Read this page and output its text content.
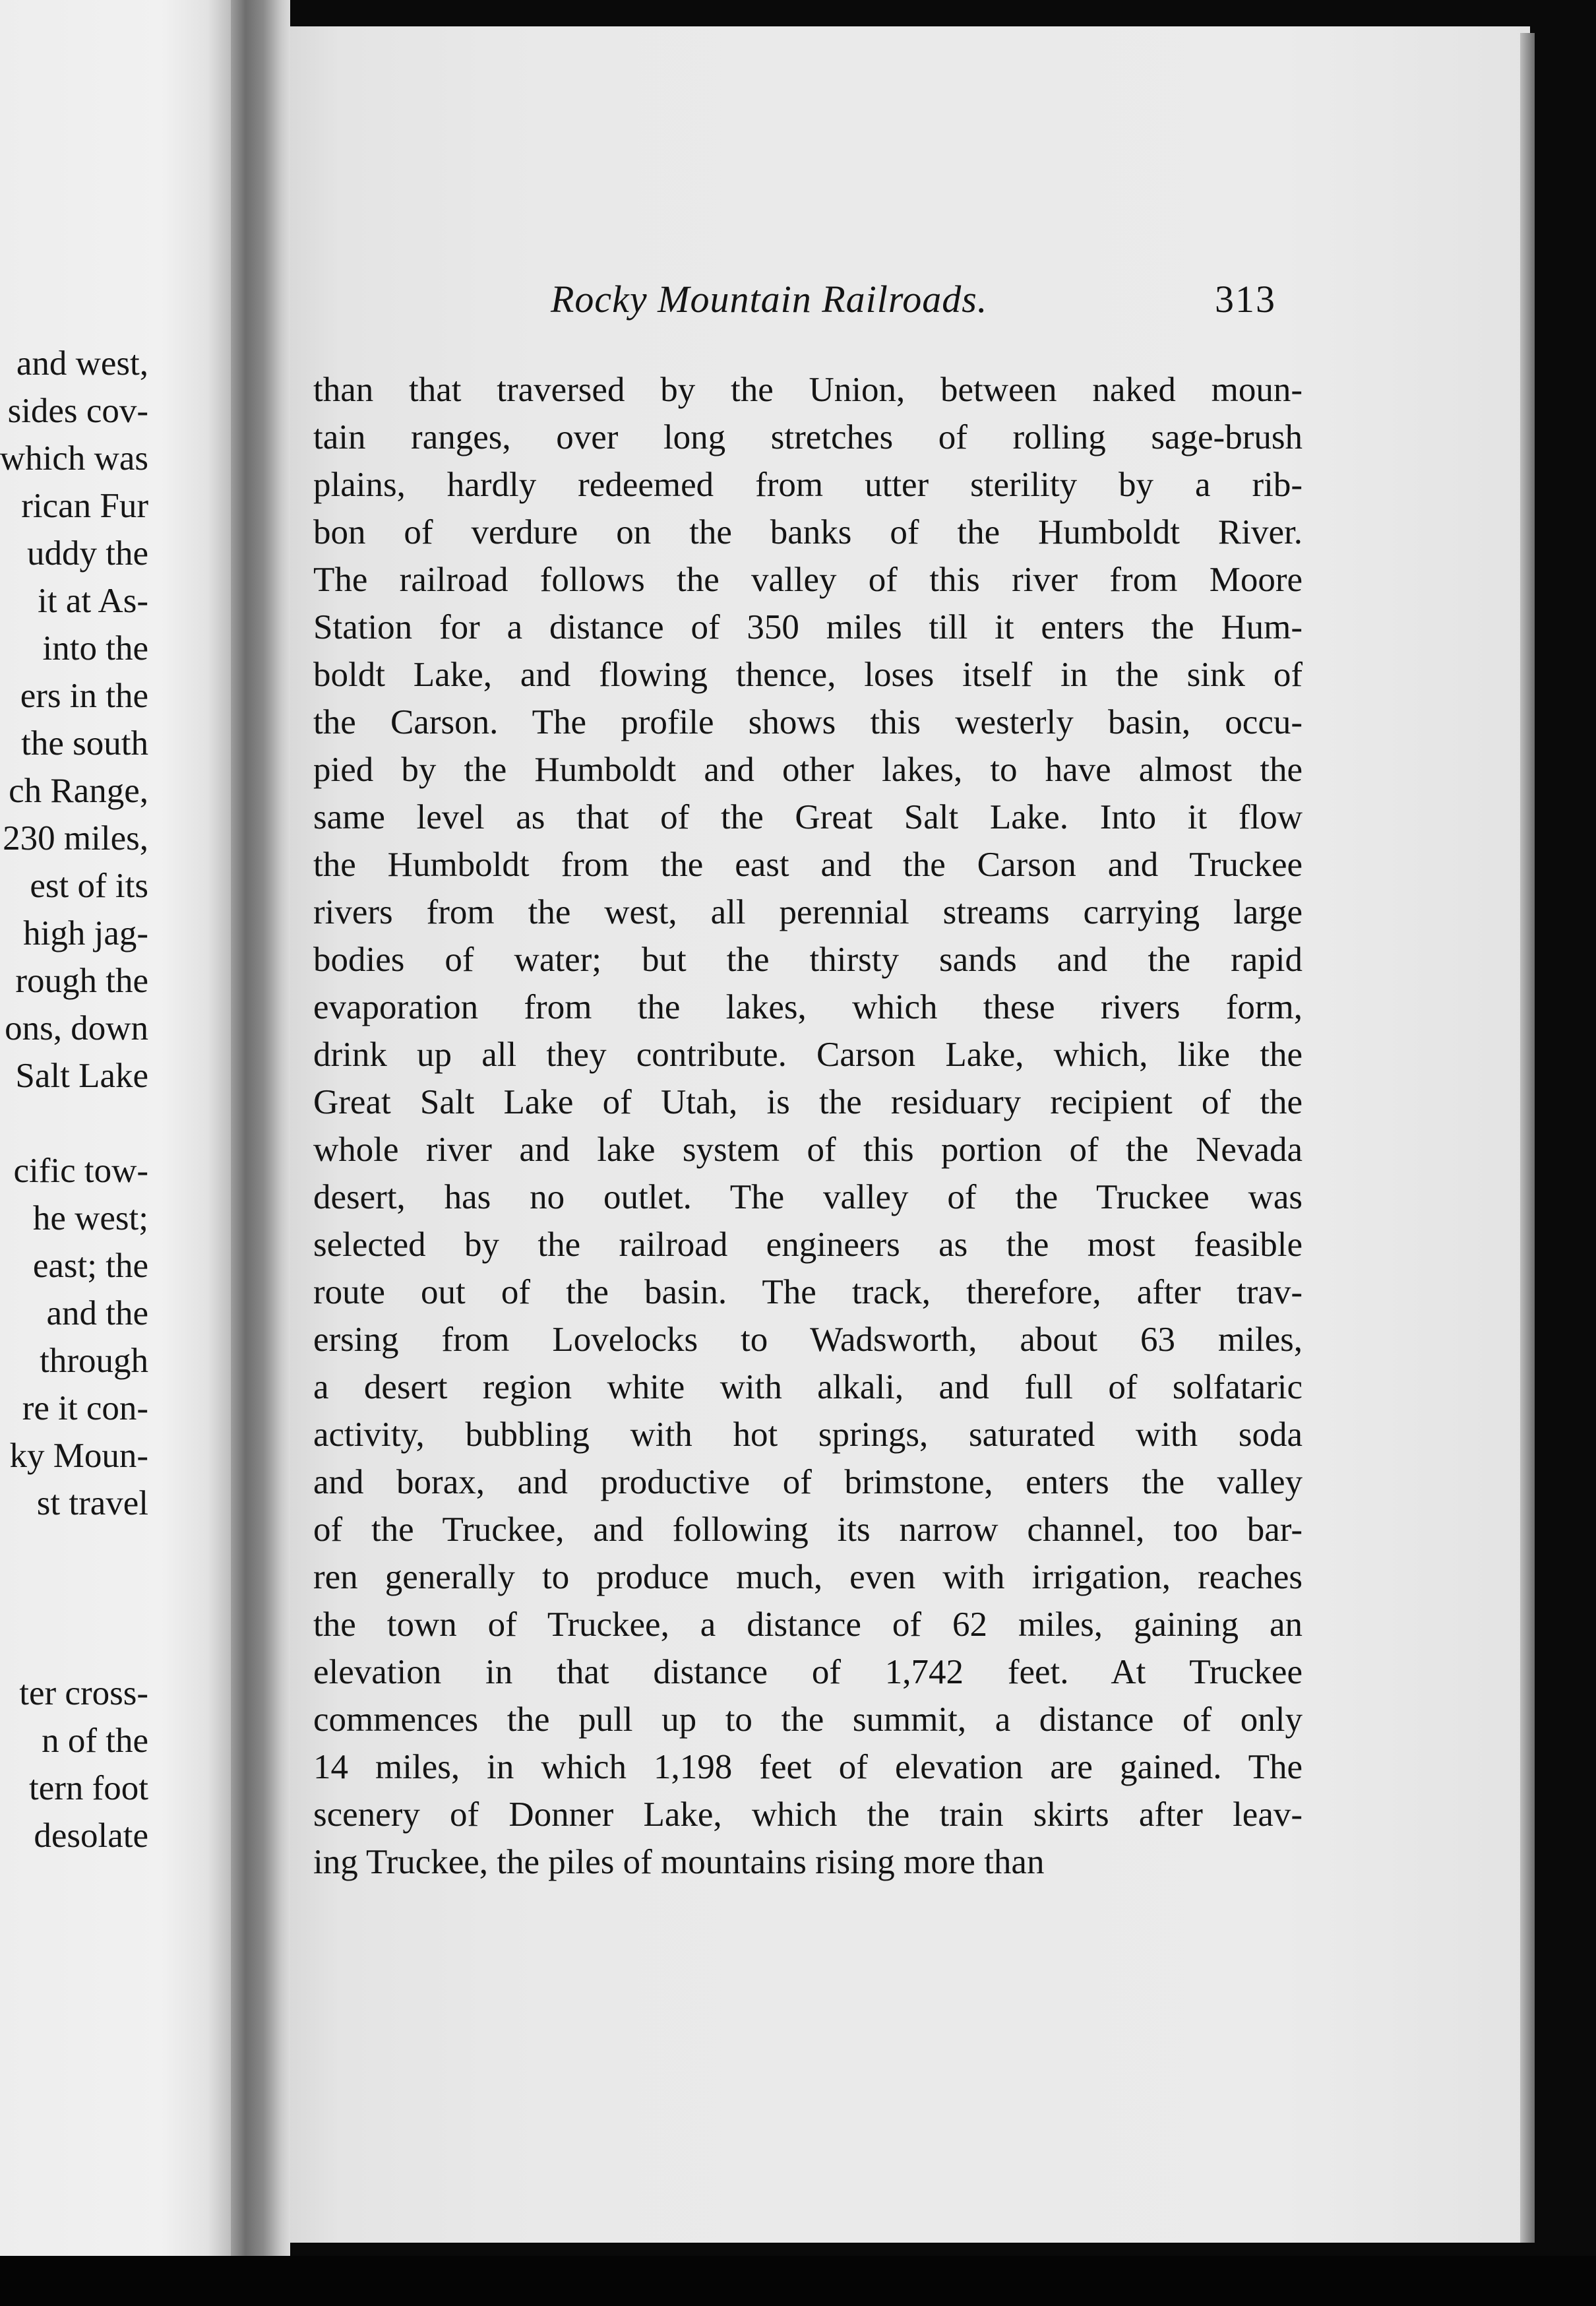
and west,
sides cov-
which was
rican Fur
uddy the
it at As-
into the
ers in the
the south
ch Range,
230 miles,
est of its
high jag-
rough the
ons, down
Salt Lake
cific tow-
he west;
east; the
and the
through
re it con-
ky Moun-
st travel
ter cross-
n of the
tern foot
desolate
Rocky Mountain Railroads.	313
than that traversed by the Union, between naked moun-
tain ranges, over long stretches of rolling sage-brush
plains, hardly redeemed from utter sterility by a rib-
bon of verdure on the banks of the Humboldt River.
The railroad follows the valley of this river from Moore
Station for a distance of 350 miles till it enters the Hum-
boldt Lake, and flowing thence, loses itself in the sink of
the Carson. The profile shows this westerly basin, occu-
pied by the Humboldt and other lakes, to have almost the
same level as that of the Great Salt Lake. Into it flow
the Humboldt from the east and the Carson and Truckee
rivers from the west, all perennial streams carrying large
bodies of water; but the thirsty sands and the rapid
evaporation from the lakes, which these rivers form,
drink up all they contribute. Carson Lake, which, like the
Great Salt Lake of Utah, is the residuary recipient of the
whole river and lake system of this portion of the Nevada
desert, has no outlet. The valley of the Truckee was
selected by the railroad engineers as the most feasible
route out of the basin. The track, therefore, after trav-
ersing from Lovelocks to Wadsworth, about 63 miles,
a desert region white with alkali, and full of solfataric
activity, bubbling with hot springs, saturated with soda
and borax, and productive of brimstone, enters the valley
of the Truckee, and following its narrow channel, too bar-
ren generally to produce much, even with irrigation, reaches
the town of Truckee, a distance of 62 miles, gaining an
elevation in that distance of 1,742 feet. At Truckee
commences the pull up to the summit, a distance of only
14 miles, in which 1,198 feet of elevation are gained. The
scenery of Donner Lake, which the train skirts after leav-
ing Truckee, the piles of mountains rising more than
